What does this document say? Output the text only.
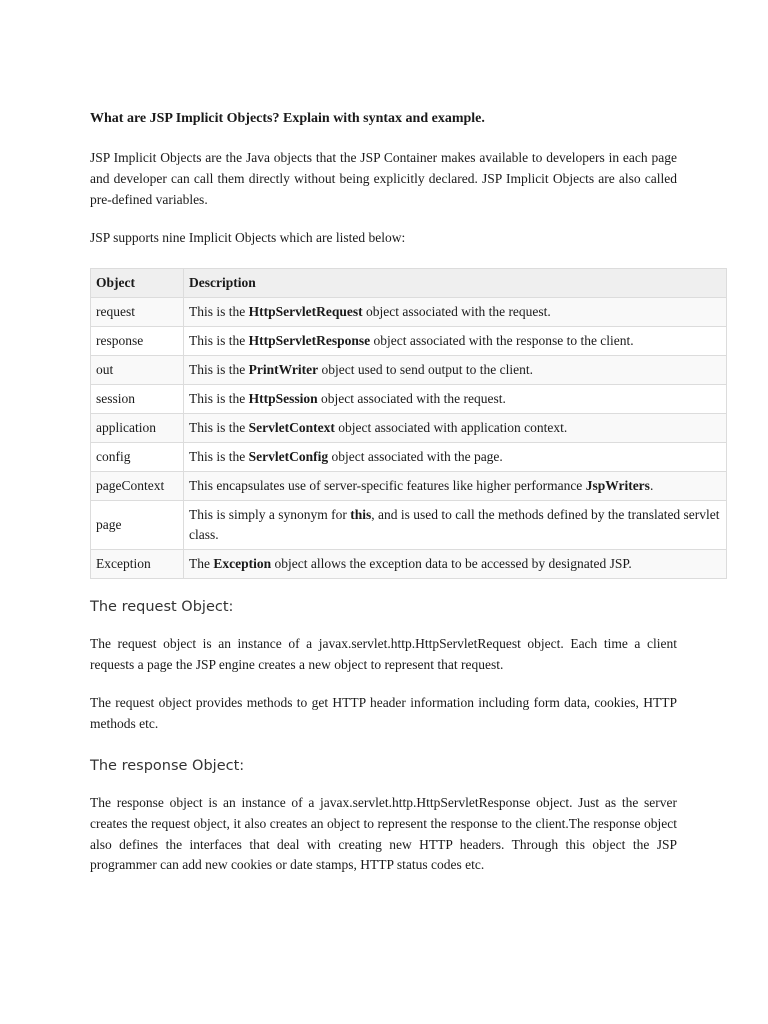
What are JSP Implicit Objects? Explain with syntax and example.
JSP Implicit Objects are the Java objects that the JSP Container makes available to developers in each page and developer can call them directly without being explicitly declared. JSP Implicit Objects are also called pre-defined variables.
JSP supports nine Implicit Objects which are listed below:
Object	Description
request	This is the HttpServletRequest object associated with the request.
response	This is the HttpServletResponse object associated with the response to the client.
out	This is the PrintWriter object used to send output to the client.
session	This is the HttpSession object associated with the request.
application	This is the ServletContext object associated with application context.
config	This is the ServletConfig object associated with the page.
pageContext	This encapsulates use of server-specific features like higher performance JspWriters.
page	This is simply a synonym for this, and is used to call the methods defined by the translated servlet class.
Exception	The Exception object allows the exception data to be accessed by designated JSP.
The request Object:
The request object is an instance of a javax.servlet.http.HttpServletRequest object. Each time a client requests a page the JSP engine creates a new object to represent that request.
The request object provides methods to get HTTP header information including form data, cookies, HTTP methods etc.
The response Object:
The response object is an instance of a javax.servlet.http.HttpServletResponse object. Just as the server creates the request object, it also creates an object to represent the response to the client.The response object also defines the interfaces that deal with creating new HTTP headers. Through this object the JSP programmer can add new cookies or date stamps, HTTP status codes etc.
